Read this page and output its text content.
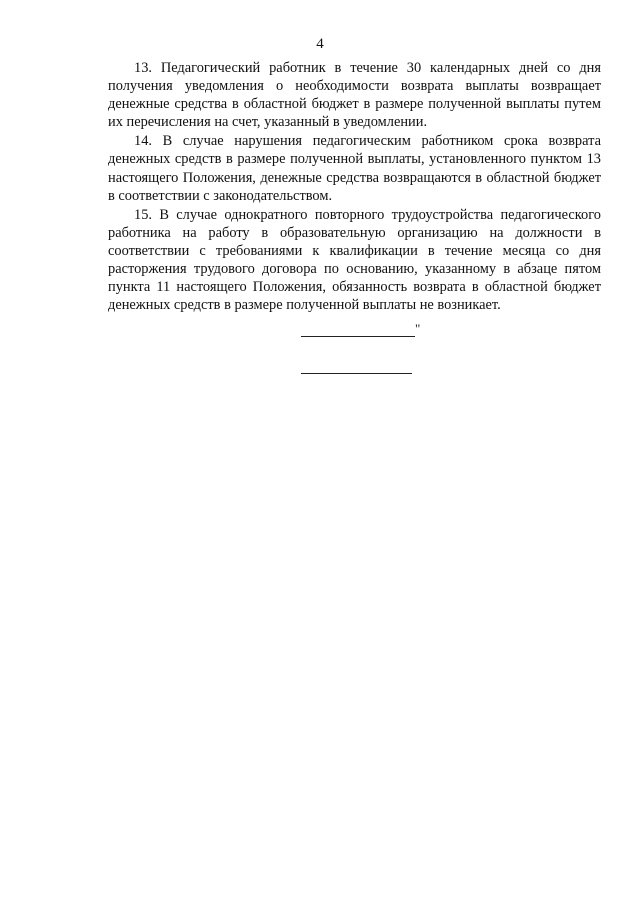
4

13. Педагогический работник в течение 30 календарных дней со дня
получения уведомления о необходимости возврата выплаты возвращает
денежные средства в областной бюджет в размере полученной выплаты путем
их перечисления на счет, указанный в уведомлении.

14. В случае нарушения педагогическим работником срока возврата
денежных средств в размере полученной выплаты, установленного пунктом 13
настоящего Положения, денежные средства возвращаются в областной бюджет
в соответствии с законодательством.

15. В случае однократного повторного трудоустройства педагогического
работника на работу в образовательную организацию на должности в
соответствии с требованиями к квалификации в течение месяца со дня
расторжения трудового договора по основанию, указанному в абзаце пятом
пункта 11 настоящего Положения, обязанность возврата в областной бюджет
денежных средств в размере полученной выплаты не возникает.

"
